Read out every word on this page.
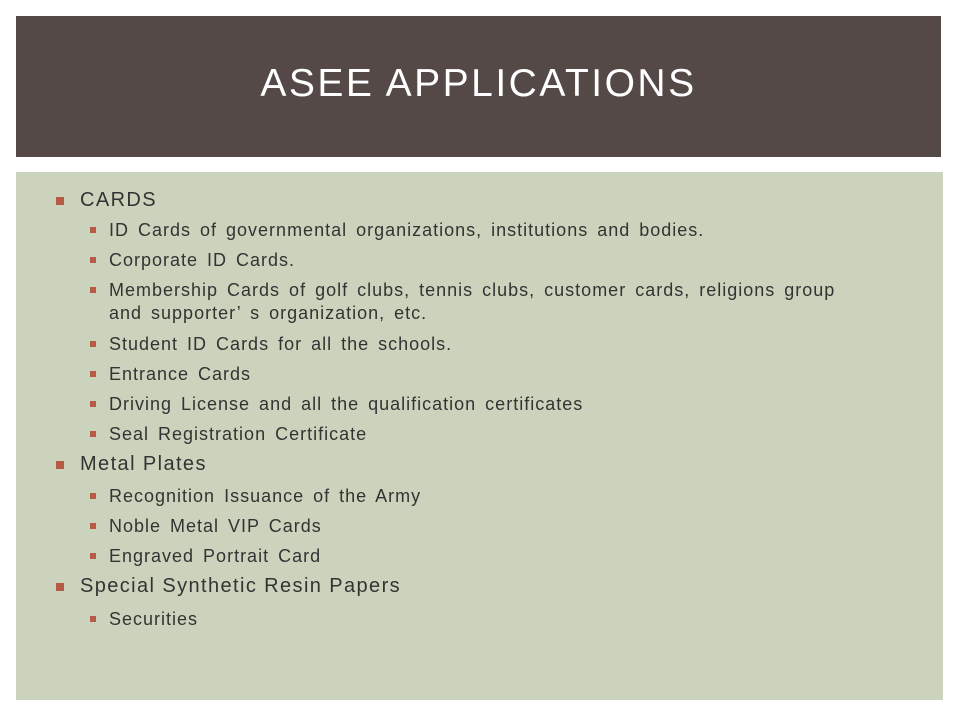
ASEE APPLICATIONS
CARDS
ID Cards of governmental organizations, institutions and bodies.
Corporate ID Cards.
Membership Cards of golf clubs, tennis clubs, customer cards, religions group and supporter’ s organization, etc.
Student ID Cards for all the schools.
Entrance Cards
Driving License and all the qualification certificates
Seal Registration Certificate
Metal Plates
Recognition Issuance of the Army
Noble Metal VIP Cards
Engraved Portrait Card
Special Synthetic Resin Papers
Securities
